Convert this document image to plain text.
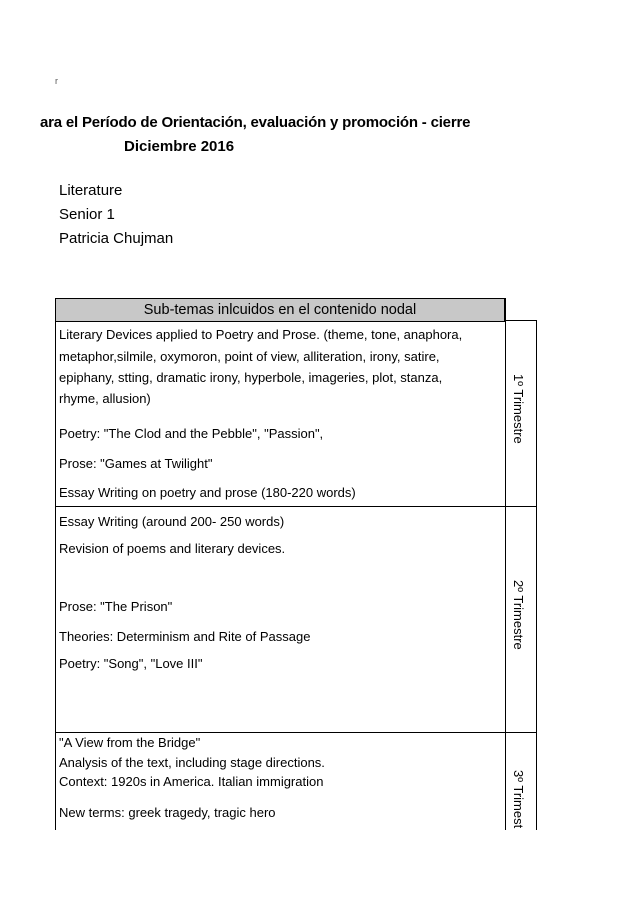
r
ara el Período de Orientación, evaluación y promoción - cierre
Diciembre 2016
Literature
Senior 1
Patricia Chujman
Sub-temas inlcuidos en el contenido nodal
Literary Devices applied to Poetry and Prose. (theme, tone, anaphora,
metaphor,silmile, oxymoron, point of view, alliteration, irony, satire,
epiphany, stting, dramatic irony, hyperbole, imageries, plot, stanza,
rhyme, allusion)
Poetry: "The Clod and the Pebble", "Passion",
Prose: "Games at Twilight"
Essay Writing on poetry and prose (180-220 words)
1º Trimestre
Essay Writing (around 200- 250 words)
Revision of poems and literary devices.
Prose: "The Prison"
Theories: Determinism and Rite of Passage
Poetry: "Song", "Love III"
2º Trimestre
"A View from the Bridge"
Analysis of the text, including stage directions.
Context: 1920s in America. Italian immigration
New terms: greek tragedy, tragic hero	3º Trimest
